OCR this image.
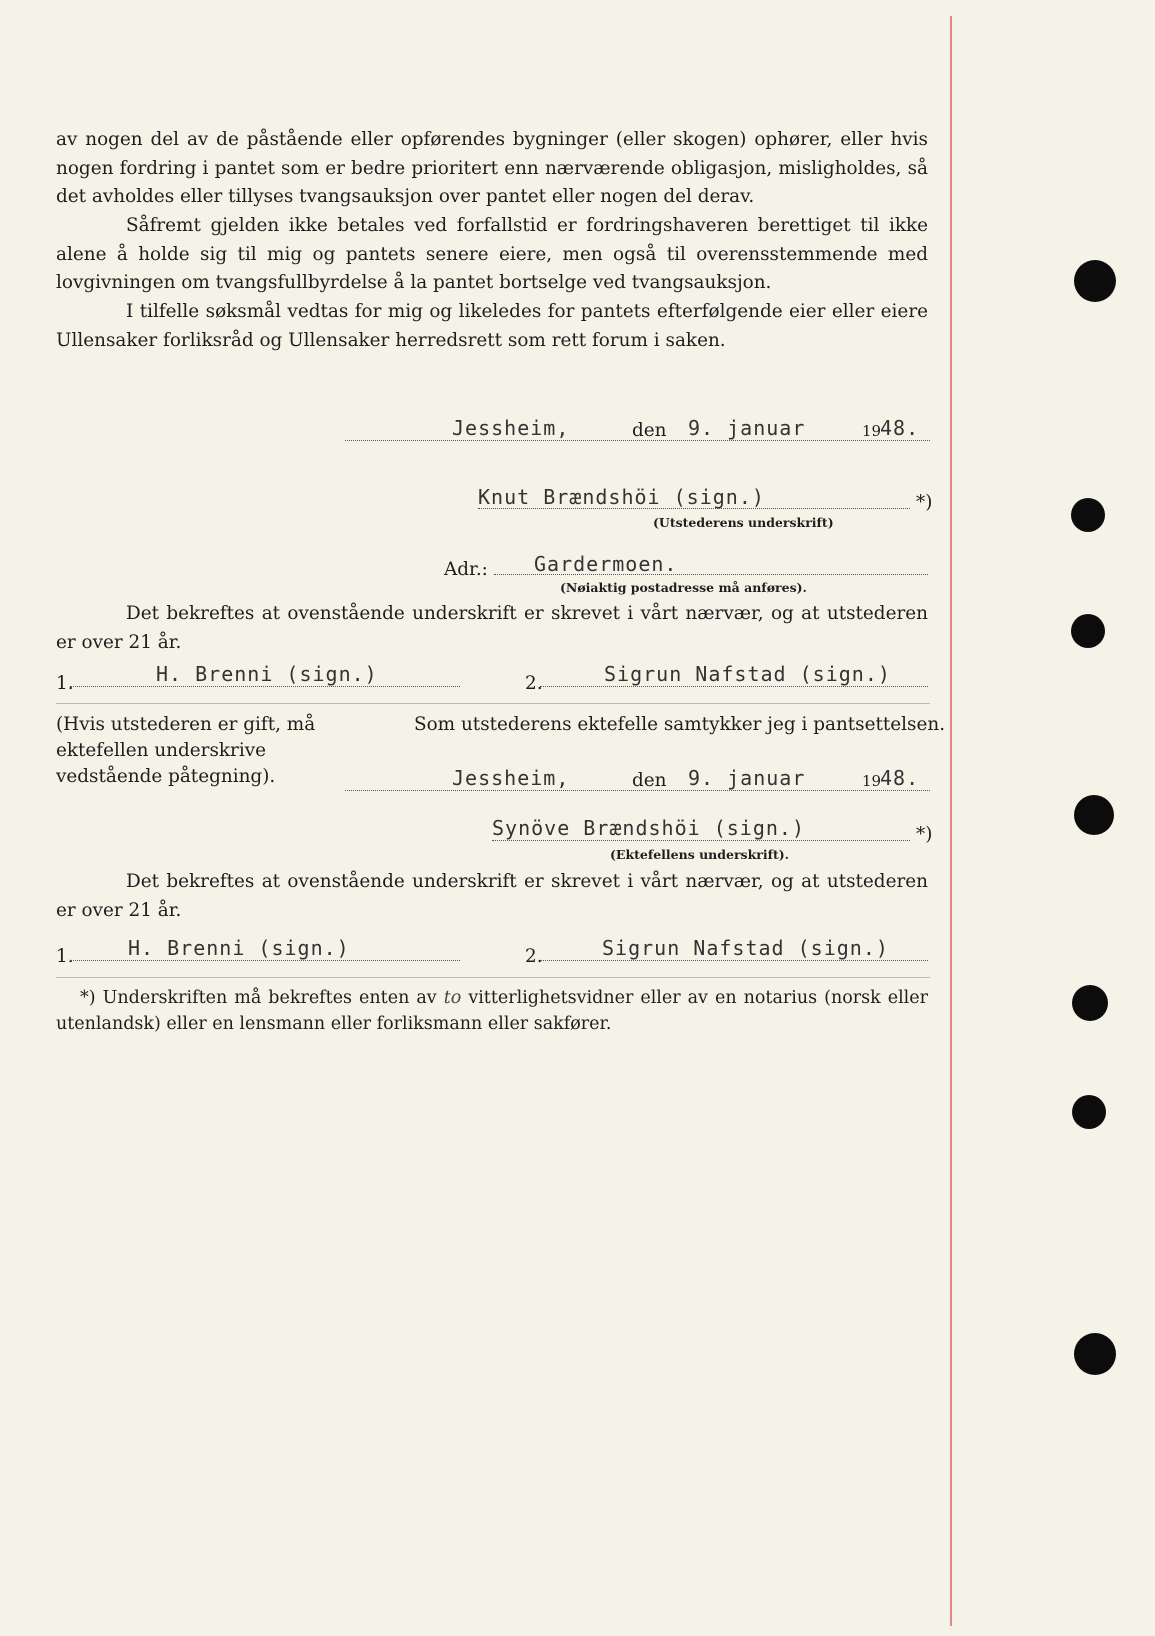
av nogen del av de påstående eller opførendes bygninger (eller skogen) ophører, eller hvis nogen fordring i pantet som er bedre prioritert enn nærværende obligasjon, misligholdes, så det avholdes eller tillyses tvangsauksjon over pantet eller nogen del derav.

Såfremt gjelden ikke betales ved forfallstid er fordringshaveren berettiget til ikke alene å holde sig til mig og pantets senere eiere, men også til overensstemmende med lovgivningen om tvangsfullbyrdelse å la pantet bortselge ved tvangsauksjon.

I tilfelle søksmål vedtas for mig og likeledes for pantets efterfølgende eier eller eiere Ullensaker forliksråd og Ullensaker herredsrett som rett forum i saken.

Jessheim,	den 9. januar	19
48.
Knut Brændshöi (sign.)	*)
(Utstederens underskrift)
Adr.: Gardermoen.
(Nøiaktig postadresse må anføres).

Det bekreftes at ovenstående underskrift er skrevet i vårt nærvær, og at utstederen er over 21 år.

1.	H. Brenni (sign.)	2.	Sigrun Nafstad (sign.)
(Hvis utstederen er gift, må ektefellen underskrive vedstående påtegning).
Som utstederens ektefelle samtykker jeg i pantsettelsen.
Jessheim,	den 9. januar	19
48.
Synöve Brændshöi (sign.)	*)
(Ektefellens underskrift).

Det bekreftes at ovenstående underskrift er skrevet i vårt nærvær, og at utstederen er over 21 år.

1.	H. Brenni (sign.)	2.	Sigrun Nafstad (sign.)

*) Underskriften må bekreftes enten av to vitterlighetsvidner eller av en notarius (norsk eller utenlandsk) eller en lensmann eller forliksmann eller sakfører.
